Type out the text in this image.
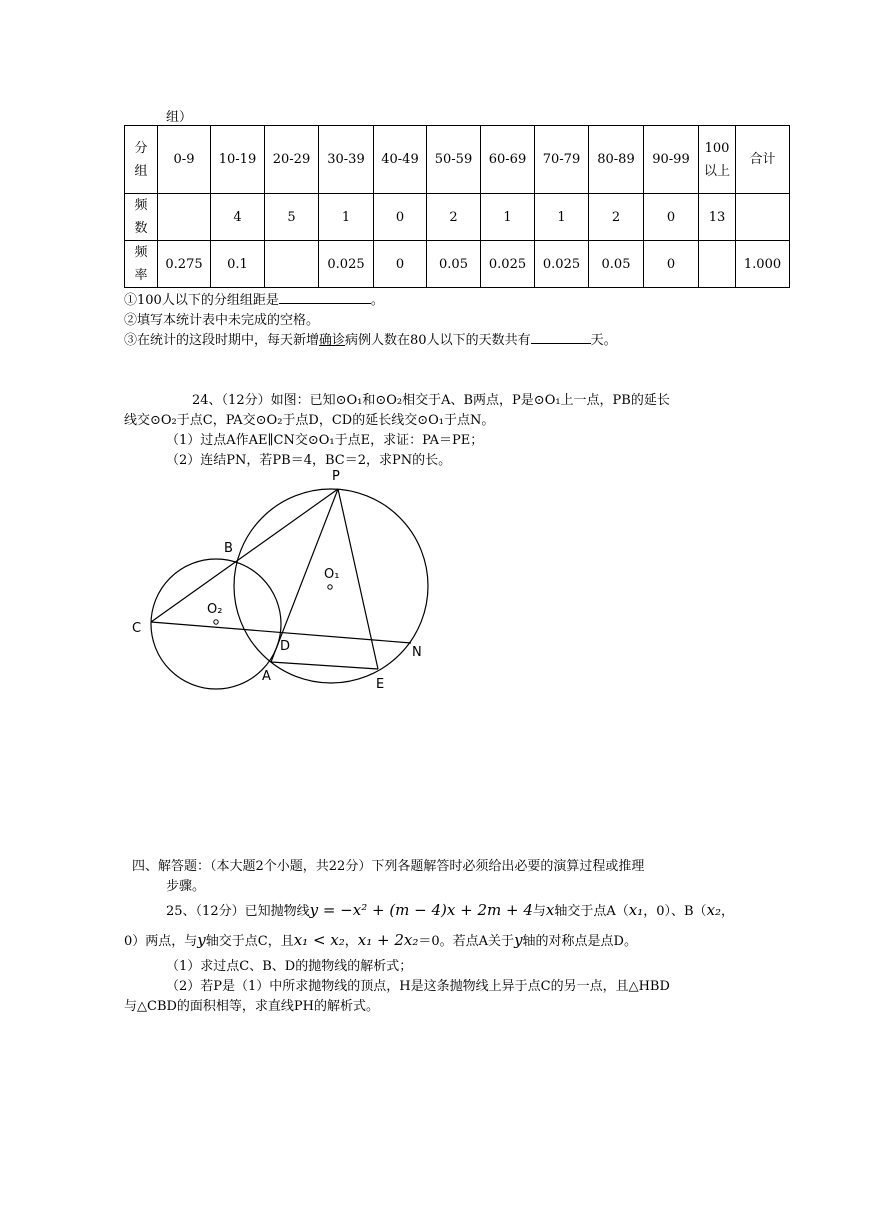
组）
分组	0-9	10-19	20-29	30-39	40-49	50-59	60-69	70-79	80-89	90-99	100以上	合计
频数		4	5	1	0	2	1	1	2	0	13	
频率	0.275	0.1		0.025	0	0.05	0.025	0.025	0.05	0		1.000
①100人以下的分组组距是	。
②填写本统计表中未完成的空格。
③在统计的这段时期中，每天新增确诊病例人数在80人以下的天数共有	天。
24、（12分）如图：已知⊙O₁和⊙O₂相交于A、B两点，P是⊙O₁上一点，PB的延长
线交⊙O₂于点C，PA交⊙O₂于点D，CD的延长线交⊙O₁于点N。
（1）过点A作AE∥CN交⊙O₁于点E，求证：PA＝PE；
（2）连结PN，若PB＝4，BC＝2，求PN的长。
P
B
O₁
O₂
C
D	N
A
E
四、解答题：（本大题2个小题，共22分）下列各题解答时必须给出必要的演算过程或推理
步骤。
25、（12分）已知抛物线y = −x² + (m − 4)x + 2m + 4与x轴交于点A（x₁，0）、B（x₂，
0）两点，与y轴交于点C，且x₁ < x₂，x₁ + 2x₂＝0。若点A关于y轴的对称点是点D。
（1）求过点C、B、D的抛物线的解析式；
（2）若P是（1）中所求抛物线的顶点，H是这条抛物线上异于点C的另一点，且△HBD
与△CBD的面积相等，求直线PH的解析式。
